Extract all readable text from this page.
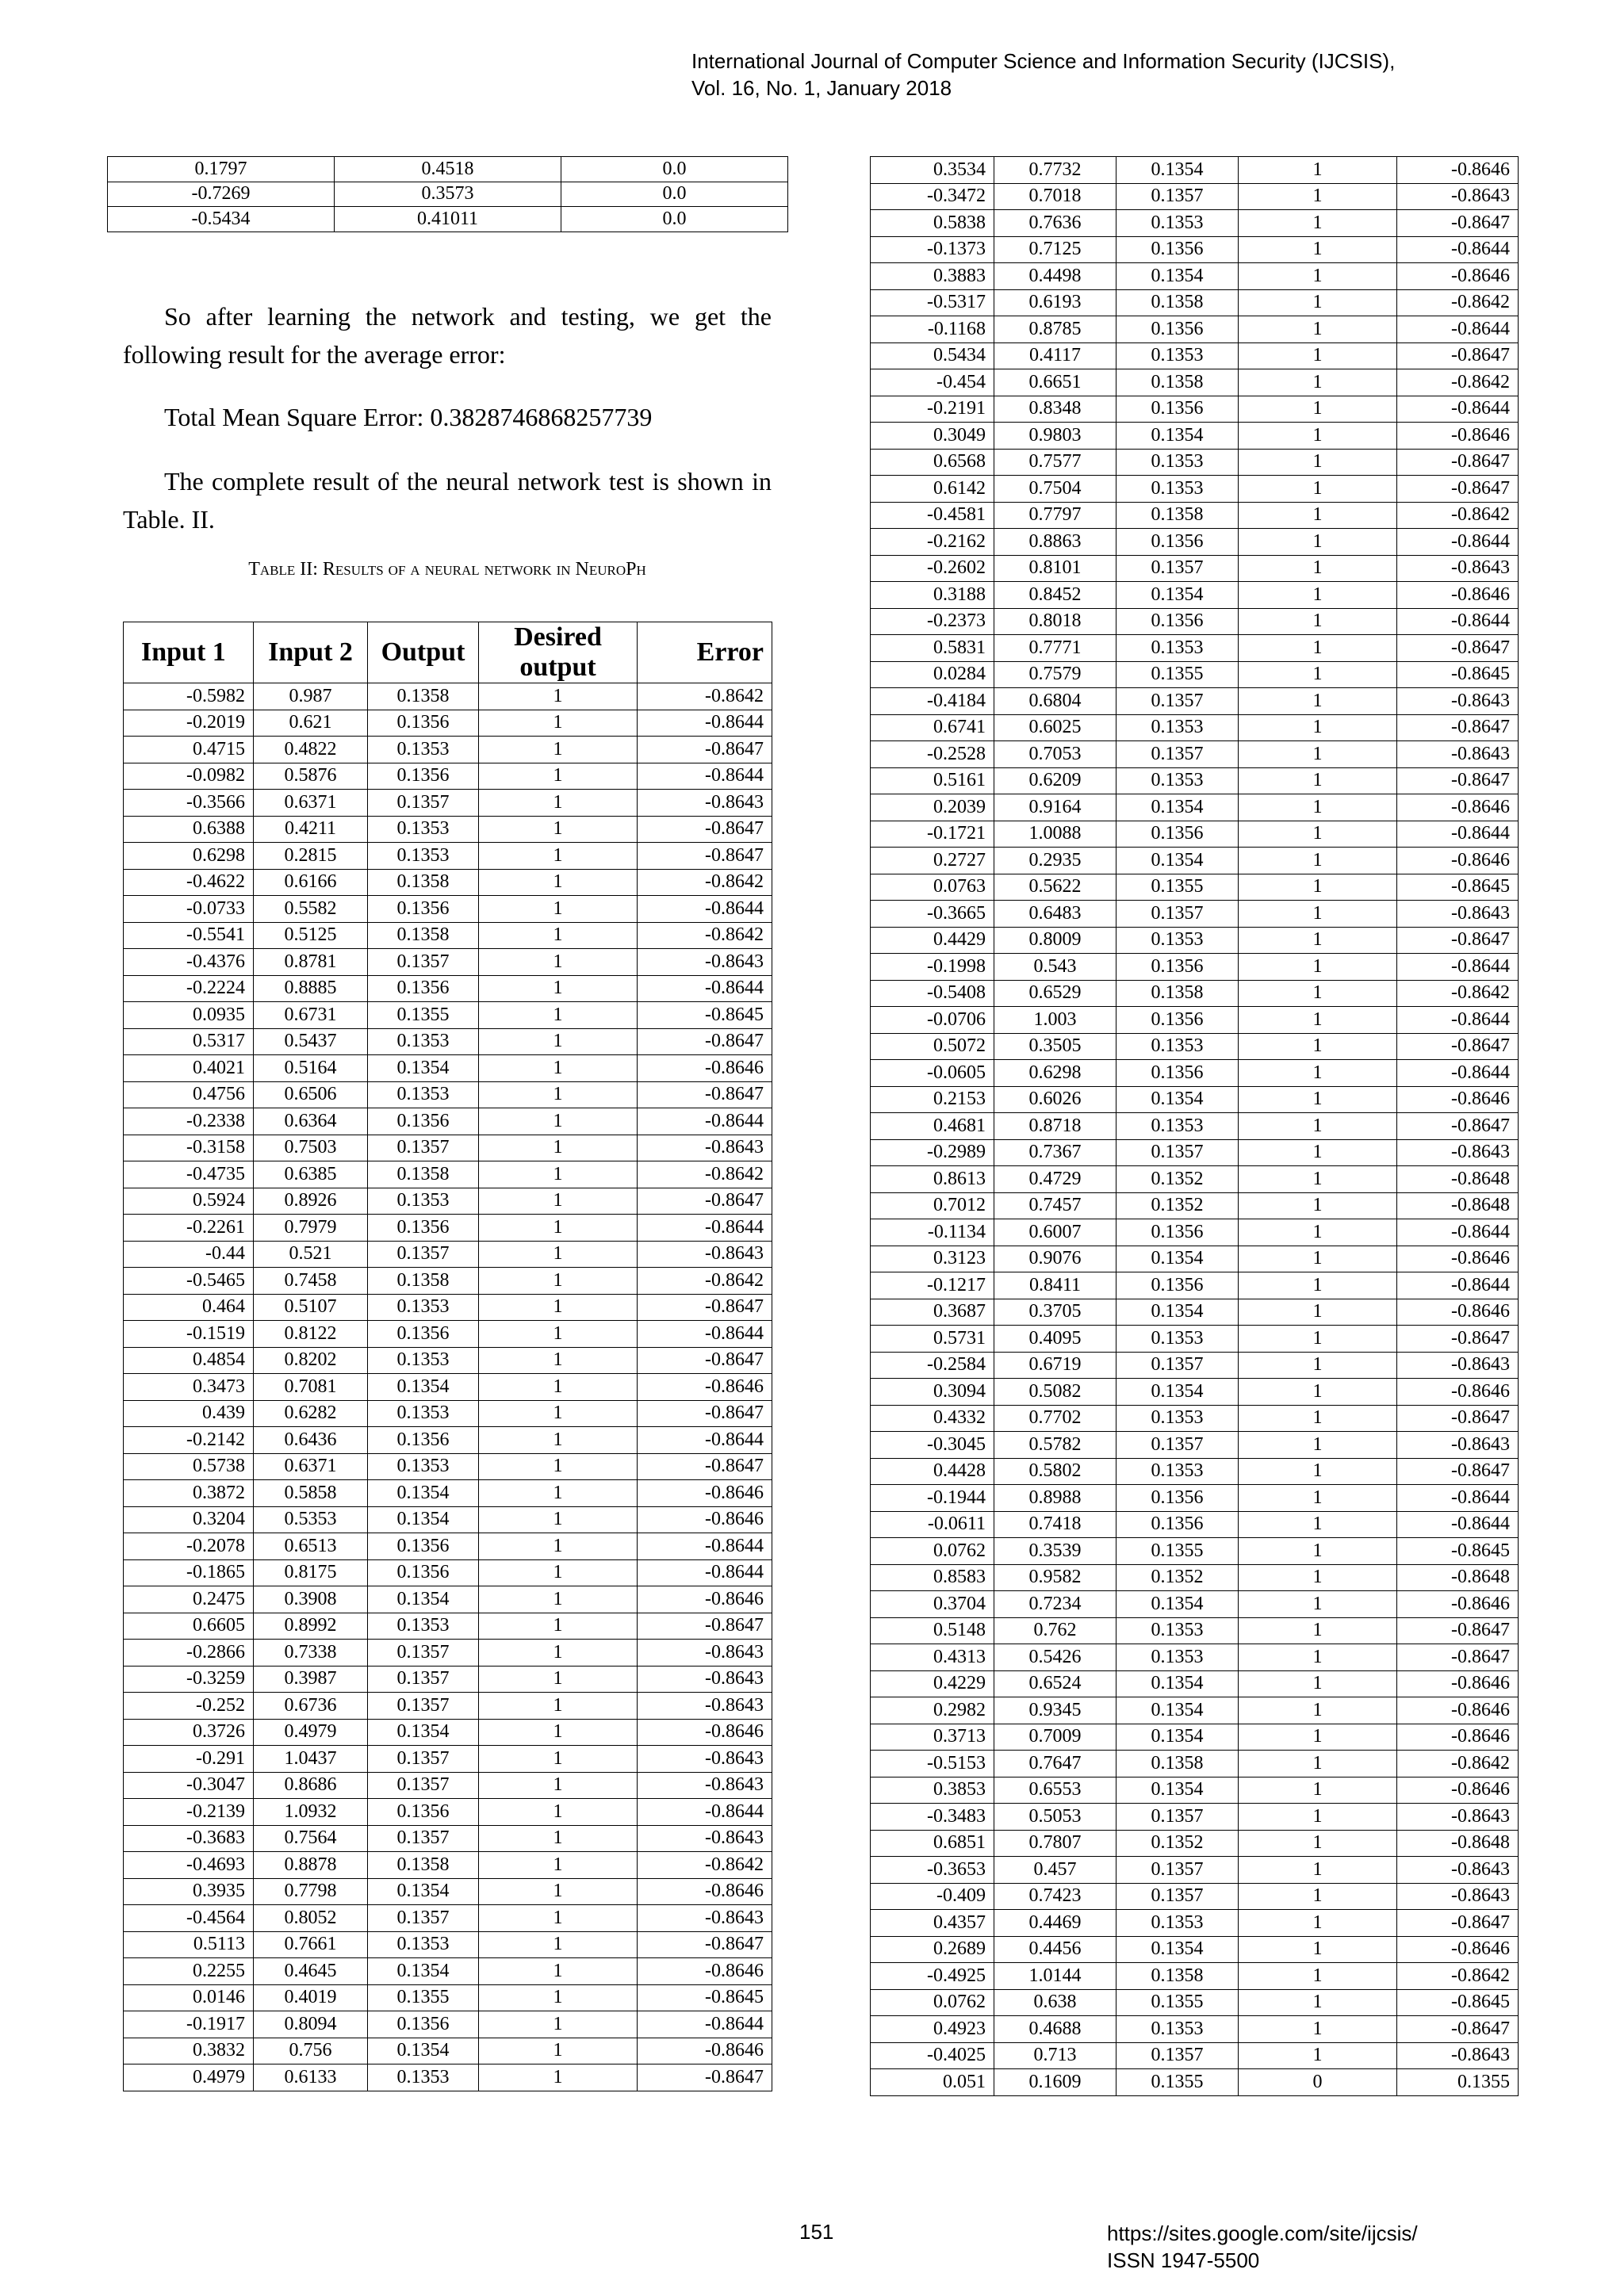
International Journal of Computer Science and Information Security (IJCSIS),
Vol. 16, No. 1, January 2018
0.1797	0.4518	0.0
-0.7269	0.3573	0.0
-0.5434	0.41011	0.0
So after learning the network and testing, we get the following result for the average error:
Total Mean Square Error: 0.3828746868257739
The complete result of the neural network test is shown in Table. II.
Table II: Results of a neural network in NeuroPh
Input 1	Input 2	Output	Desired output	Error
-0.5982	0.987	0.1358	1	-0.8642
-0.2019	0.621	0.1356	1	-0.8644
0.4715	0.4822	0.1353	1	-0.8647
-0.0982	0.5876	0.1356	1	-0.8644
-0.3566	0.6371	0.1357	1	-0.8643
0.6388	0.4211	0.1353	1	-0.8647
0.6298	0.2815	0.1353	1	-0.8647
-0.4622	0.6166	0.1358	1	-0.8642
-0.0733	0.5582	0.1356	1	-0.8644
-0.5541	0.5125	0.1358	1	-0.8642
-0.4376	0.8781	0.1357	1	-0.8643
-0.2224	0.8885	0.1356	1	-0.8644
0.0935	0.6731	0.1355	1	-0.8645
0.5317	0.5437	0.1353	1	-0.8647
0.4021	0.5164	0.1354	1	-0.8646
0.4756	0.6506	0.1353	1	-0.8647
-0.2338	0.6364	0.1356	1	-0.8644
-0.3158	0.7503	0.1357	1	-0.8643
-0.4735	0.6385	0.1358	1	-0.8642
0.5924	0.8926	0.1353	1	-0.8647
-0.2261	0.7979	0.1356	1	-0.8644
-0.44	0.521	0.1357	1	-0.8643
-0.5465	0.7458	0.1358	1	-0.8642
0.464	0.5107	0.1353	1	-0.8647
-0.1519	0.8122	0.1356	1	-0.8644
0.4854	0.8202	0.1353	1	-0.8647
0.3473	0.7081	0.1354	1	-0.8646
0.439	0.6282	0.1353	1	-0.8647
-0.2142	0.6436	0.1356	1	-0.8644
0.5738	0.6371	0.1353	1	-0.8647
0.3872	0.5858	0.1354	1	-0.8646
0.3204	0.5353	0.1354	1	-0.8646
-0.2078	0.6513	0.1356	1	-0.8644
-0.1865	0.8175	0.1356	1	-0.8644
0.2475	0.3908	0.1354	1	-0.8646
0.6605	0.8992	0.1353	1	-0.8647
-0.2866	0.7338	0.1357	1	-0.8643
-0.3259	0.3987	0.1357	1	-0.8643
-0.252	0.6736	0.1357	1	-0.8643
0.3726	0.4979	0.1354	1	-0.8646
-0.291	1.0437	0.1357	1	-0.8643
-0.3047	0.8686	0.1357	1	-0.8643
-0.2139	1.0932	0.1356	1	-0.8644
-0.3683	0.7564	0.1357	1	-0.8643
-0.4693	0.8878	0.1358	1	-0.8642
0.3935	0.7798	0.1354	1	-0.8646
-0.4564	0.8052	0.1357	1	-0.8643
0.5113	0.7661	0.1353	1	-0.8647
0.2255	0.4645	0.1354	1	-0.8646
0.0146	0.4019	0.1355	1	-0.8645
-0.1917	0.8094	0.1356	1	-0.8644
0.3832	0.756	0.1354	1	-0.8646
0.4979	0.6133	0.1353	1	-0.8647
0.3534	0.7732	0.1354	1	-0.8646
-0.3472	0.7018	0.1357	1	-0.8643
0.5838	0.7636	0.1353	1	-0.8647
-0.1373	0.7125	0.1356	1	-0.8644
0.3883	0.4498	0.1354	1	-0.8646
-0.5317	0.6193	0.1358	1	-0.8642
-0.1168	0.8785	0.1356	1	-0.8644
0.5434	0.4117	0.1353	1	-0.8647
-0.454	0.6651	0.1358	1	-0.8642
-0.2191	0.8348	0.1356	1	-0.8644
0.3049	0.9803	0.1354	1	-0.8646
0.6568	0.7577	0.1353	1	-0.8647
0.6142	0.7504	0.1353	1	-0.8647
-0.4581	0.7797	0.1358	1	-0.8642
-0.2162	0.8863	0.1356	1	-0.8644
-0.2602	0.8101	0.1357	1	-0.8643
0.3188	0.8452	0.1354	1	-0.8646
-0.2373	0.8018	0.1356	1	-0.8644
0.5831	0.7771	0.1353	1	-0.8647
0.0284	0.7579	0.1355	1	-0.8645
-0.4184	0.6804	0.1357	1	-0.8643
0.6741	0.6025	0.1353	1	-0.8647
-0.2528	0.7053	0.1357	1	-0.8643
0.5161	0.6209	0.1353	1	-0.8647
0.2039	0.9164	0.1354	1	-0.8646
-0.1721	1.0088	0.1356	1	-0.8644
0.2727	0.2935	0.1354	1	-0.8646
0.0763	0.5622	0.1355	1	-0.8645
-0.3665	0.6483	0.1357	1	-0.8643
0.4429	0.8009	0.1353	1	-0.8647
-0.1998	0.543	0.1356	1	-0.8644
-0.5408	0.6529	0.1358	1	-0.8642
-0.0706	1.003	0.1356	1	-0.8644
0.5072	0.3505	0.1353	1	-0.8647
-0.0605	0.6298	0.1356	1	-0.8644
0.2153	0.6026	0.1354	1	-0.8646
0.4681	0.8718	0.1353	1	-0.8647
-0.2989	0.7367	0.1357	1	-0.8643
0.8613	0.4729	0.1352	1	-0.8648
0.7012	0.7457	0.1352	1	-0.8648
-0.1134	0.6007	0.1356	1	-0.8644
0.3123	0.9076	0.1354	1	-0.8646
-0.1217	0.8411	0.1356	1	-0.8644
0.3687	0.3705	0.1354	1	-0.8646
0.5731	0.4095	0.1353	1	-0.8647
-0.2584	0.6719	0.1357	1	-0.8643
0.3094	0.5082	0.1354	1	-0.8646
0.4332	0.7702	0.1353	1	-0.8647
-0.3045	0.5782	0.1357	1	-0.8643
0.4428	0.5802	0.1353	1	-0.8647
-0.1944	0.8988	0.1356	1	-0.8644
-0.0611	0.7418	0.1356	1	-0.8644
0.0762	0.3539	0.1355	1	-0.8645
0.8583	0.9582	0.1352	1	-0.8648
0.3704	0.7234	0.1354	1	-0.8646
0.5148	0.762	0.1353	1	-0.8647
0.4313	0.5426	0.1353	1	-0.8647
0.4229	0.6524	0.1354	1	-0.8646
0.2982	0.9345	0.1354	1	-0.8646
0.3713	0.7009	0.1354	1	-0.8646
-0.5153	0.7647	0.1358	1	-0.8642
0.3853	0.6553	0.1354	1	-0.8646
-0.3483	0.5053	0.1357	1	-0.8643
0.6851	0.7807	0.1352	1	-0.8648
-0.3653	0.457	0.1357	1	-0.8643
-0.409	0.7423	0.1357	1	-0.8643
0.4357	0.4469	0.1353	1	-0.8647
0.2689	0.4456	0.1354	1	-0.8646
-0.4925	1.0144	0.1358	1	-0.8642
0.0762	0.638	0.1355	1	-0.8645
0.4923	0.4688	0.1353	1	-0.8647
-0.4025	0.713	0.1357	1	-0.8643
0.051	0.1609	0.1355	0	0.1355
151	https://sites.google.com/site/ijcsis/
ISSN 1947-5500
